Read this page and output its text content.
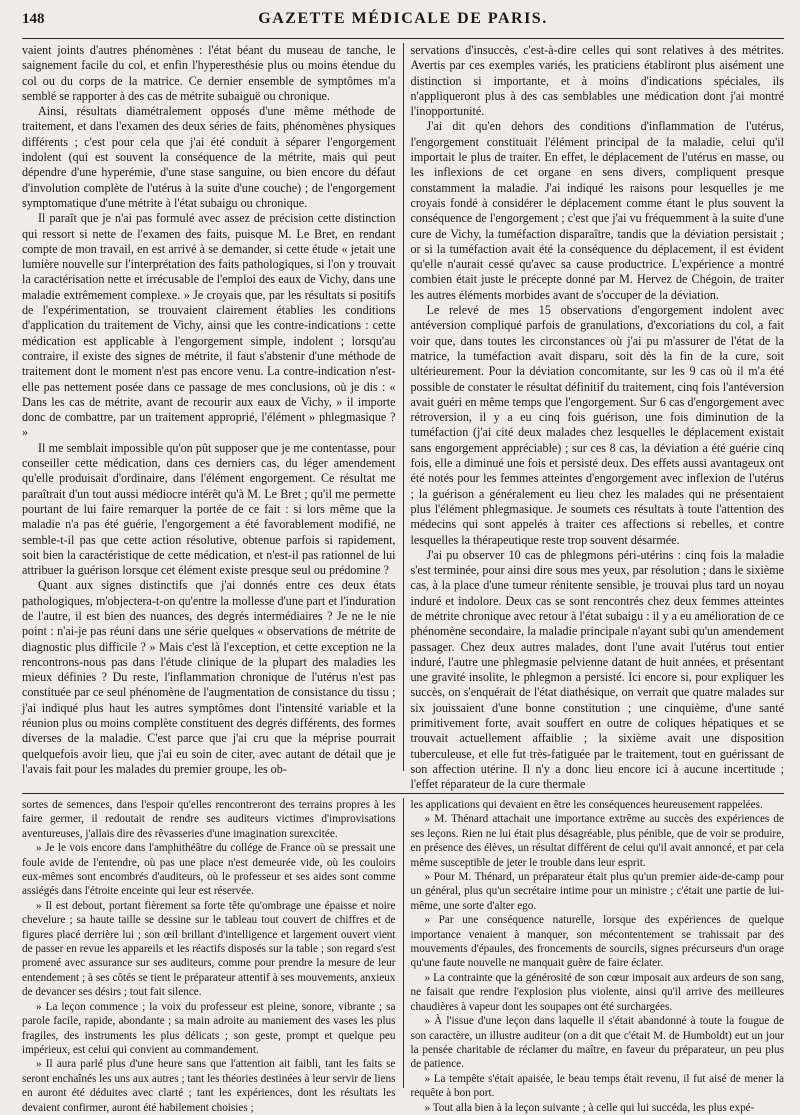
148	GAZETTE MÉDICALE DE PARIS.

vaient joints d'autres phénomènes : l'état béant du museau de tanche, le saignement facile du col, et enfin l'hyperesthésie plus ou moins étendue du col ou du corps de la matrice. Ce dernier ensemble de symptômes m'a semblé se rapporter à des cas de métrite subaiguë ou chronique.

Ainsi, résultats diamétralement opposés d'une même méthode de traitement, et dans l'examen des deux séries de faits, phénomènes physiques différents ; c'est pour cela que j'ai été conduit à séparer l'engorgement indolent (qui est souvent la conséquence de la métrite, mais qui peut dépendre d'une hyperémie, d'une stase sanguine, ou bien encore du défaut d'involution complète de l'utérus à la suite d'une couche) ; de l'engorgement symptomatique d'une métrite à l'état subaigu ou chronique.

Il paraît que je n'ai pas formulé avec assez de précision cette distinction qui ressort si nette de l'examen des faits, puisque M. Le Bret, en rendant compte de mon travail, en est arrivé à se demander, si cette étude « jetait une lumière nouvelle sur l'interprétation des faits pathologiques, si l'on y trouvait la caractérisation nette et irrécusable de l'emploi des eaux de Vichy, dans une maladie extrêmement complexe. » Je croyais que, par les résultats si positifs de l'expérimentation, se trouvaient clairement établies les conditions d'application du traitement de Vichy, ainsi que les contre-indications : cette médication est applicable à l'engorgement simple, indolent ; lorsqu'au contraire, il existe des signes de métrite, il faut s'abstenir d'une méthode de traitement dont le moment n'est pas encore venu. La contre-indication n'est-elle pas nettement posée dans ce passage de mes conclusions, où je dis : « Dans les cas de métrite, avant de recourir aux eaux de Vichy, » il importe donc de combattre, par un traitement approprié, l'élément » phlegmasique ? »

Il me semblait impossible qu'on pût supposer que je me contentasse, pour conseiller cette médication, dans ces derniers cas, du léger amendement qu'elle produisait d'ordinaire, dans l'élément engorgement. Ce résultat me paraîtrait d'un tout aussi médiocre intérêt qu'à M. Le Bret ; qu'il me permette pourtant de lui faire remarquer la portée de ce fait : si lors même que la maladie n'a pas été guérie, l'engorgement a été favorablement modifié, ne semble-t-il pas que cette action résolutive, obtenue parfois si rapidement, soit bien la caractéristique de cette médication, et n'est-il pas rationnel de lui attribuer la guérison lorsque cet élément existe presque seul ou prédomine ?

Quant aux signes distinctifs que j'ai donnés entre ces deux états pathologiques, m'objectera-t-on qu'entre la mollesse d'une part et l'induration de l'autre, il est bien des nuances, des degrés intermédiaires ? Je ne le nie point : n'ai-je pas réuni dans une série quelques « observations de métrite de diagnostic plus difficile ? » Mais c'est là l'exception, et cette exception ne la rencontrons-nous pas dans l'étude clinique de la plupart des maladies les mieux définies ? Du reste, l'inflammation chronique de l'utérus n'est pas constituée par ce seul phénomène de l'augmentation de consistance du tissu ; j'ai indiqué plus haut les autres symptômes dont l'intensité variable et la réunion plus ou moins complète constituent des degrés différents, des formes diverses de la maladie. C'est parce que j'ai cru que la méprise pourrait quelquefois avoir lieu, que j'ai eu soin de citer, avec autant de détail que je l'avais fait pour les malades du premier groupe, les ob-

servations d'insuccès, c'est-à-dire celles qui sont relatives à des métrites. Avertis par ces exemples variés, les praticiens établiront plus aisément une distinction si importante, et à moins d'indications spéciales, ils n'appliqueront plus à des cas semblables une médication dont j'ai montré l'inopportunité.

J'ai dit qu'en dehors des conditions d'inflammation de l'utérus, l'engorgement constituait l'élément principal de la maladie, celui qu'il importait le plus de traiter. En effet, le déplacement de l'utérus en masse, ou les inflexions de cet organe en sens divers, compliquent presque constamment la maladie. J'ai indiqué les raisons pour lesquelles je me croyais fondé à considérer le déplacement comme étant le plus souvent la conséquence de l'engorgement ; c'est que j'ai vu fréquemment à la suite d'une cure de Vichy, la tuméfaction disparaître, tandis que la déviation persistait ; or si la tuméfaction avait été la conséquence du déplacement, il est évident qu'elle n'aurait cessé qu'avec sa cause productrice. L'expérience a montré combien était juste le précepte donné par M. Hervez de Chégoin, de traiter les autres éléments morbides avant de s'occuper de la déviation.

Le relevé de mes 15 observations d'engorgement indolent avec antéversion compliqué parfois de granulations, d'excoriations du col, a fait voir que, dans toutes les circonstances où j'ai pu m'assurer de l'état de la matrice, la tuméfaction avait disparu, soit dès la fin de la cure, soit ultérieurement. Pour la déviation concomitante, sur les 9 cas où il m'a été possible de constater le résultat définitif du traitement, cinq fois l'antéversion avait guéri en même temps que l'engorgement. Sur 6 cas d'engorgement avec rétroversion, il y a eu cinq fois guérison, une fois diminution de la tuméfaction (j'ai cité deux malades chez lesquelles le déplacement existait sans engorgement appréciable) ; sur ces 8 cas, la déviation a été guérie cinq fois, elle a diminué une fois et persisté deux. Des effets aussi avantageux ont été notés pour les femmes atteintes d'engorgement avec inflexion de l'utérus ; la guérison a généralement eu lieu chez les malades qui ne présentaient plus l'élément phlegmasique. Je soumets ces résultats à toute l'attention des médecins qui sont appelés à traiter ces affections si rebelles, et contre lesquelles la thérapeutique reste trop souvent désarmée.

J'ai pu observer 10 cas de phlegmons péri-utérins : cinq fois la maladie s'est terminée, pour ainsi dire sous mes yeux, par résolution ; dans le sixième cas, à la place d'une tumeur rénitente sensible, je trouvai plus tard un noyau induré et indolore. Deux cas se sont rencontrés chez deux femmes atteintes de métrite chronique avec retour à l'état subaigu : il y a eu amélioration de ce phénomène secondaire, la maladie principale n'ayant subi qu'un amendement passager. Chez deux autres malades, dont l'une avait l'utérus tout entier induré, l'autre une phlegmasie pelvienne datant de huit années, et présentant une gravité insolite, le phlegmon a persisté. Ici encore si, pour expliquer les succès, on s'enquérait de l'état diathésique, on verrait que quatre malades sur six jouissaient d'une bonne constitution ; une cinquième, d'une santé primitivement forte, avait souffert en outre de coliques hépatiques et se trouvait actuellement affaiblie ; la sixième avait une disposition tuberculeuse, et elle fut très-fatiguée par le traitement, tout en guérissant de son affection utérine. Il n'y a donc lieu encore ici à aucune incertitude ; l'effet réparateur de la cure thermale

sortes de semences, dans l'espoir qu'elles rencontreront des terrains propres à les faire germer, il redoutait de rendre ses auditeurs victimes d'improvisations aventureuses, j'allais dire des rêvasseries d'une imagination surexcitée.

» Je le vois encore dans l'amphithéâtre du collége de France où se pressait une foule avide de l'entendre, où pas une place n'est demeurée vide, où les couloirs eux-mêmes sont encombrés d'auditeurs, où le professeur et ses aides sont comme assiégés dans l'étroite enceinte qui leur est réservée.

» Il est debout, portant fièrement sa forte tête qu'ombrage une épaisse et noire chevelure ; sa haute taille se dessine sur le tableau tout couvert de chiffres et de figures placé derrière lui ; son œil brillant d'intelligence et largement ouvert vient de passer en revue les appareils et les réactifs disposés sur la table ; son regard s'est promené avec assurance sur ses auditeurs, comme pour prendre la mesure de leur entendement ; à ses côtés se tient le préparateur attentif à ses mouvements, anxieux de devancer ses désirs ; tout fait silence.

» La leçon commence ; la voix du professeur est pleine, sonore, vibrante ; sa parole facile, rapide, abondante ; sa main adroite au maniement des vases les plus fragiles, des instruments les plus délicats ; son geste, prompt et quelque peu impérieux, est celui qui convient au commandement.

» Il aura parlé plus d'une heure sans que l'attention ait faibli, tant les faits se seront enchaînés les uns aux autres ; tant les théories destinées à leur servir de liens en auront été déduites avec clarté ; tant les expériences, dont les résultats les devaient confirmer, auront été habilement choisies ;

les applications qui devaient en être les conséquences heureusement rappelées.

» M. Thénard attachait une importance extrême au succès des expériences de ses leçons. Rien ne lui était plus désagréable, plus pénible, que de voir se produire, en présence des élèves, un résultat différent de celui qu'il avait annoncé, et par cela même susceptible de jeter le trouble dans leur esprit.

» Pour M. Thénard, un préparateur était plus qu'un premier aide-de-camp pour un général, plus qu'un secrétaire intime pour un ministre ; c'était une partie de lui-même, une sorte d'alter ego.

» Par une conséquence naturelle, lorsque des expériences de quelque importance venaient à manquer, son mécontentement se trahissait par des mouvements d'épaules, des froncements de sourcils, signes précurseurs d'un orage qu'une faute nouvelle ne manquait guère de faire éclater.

» La contrainte que la générosité de son cœur imposait aux ardeurs de son sang, ne faisait que rendre l'explosion plus violente, ainsi qu'il arrive des meilleures chaudières à vapeur dont les soupapes ont été surchargées.

» À l'issue d'une leçon dans laquelle il s'était abandonné à toute la fougue de son caractère, un illustre auditeur (on a dit que c'était M. de Humboldt) eut un jour la pensée charitable de réclamer du maître, en faveur du préparateur, un peu plus de patience.

» La tempête s'était apaisée, le beau temps était revenu, il fut aisé de mener la requête à bon port.

» Tout alla bien à la leçon suivante ; à celle qui lui succéda, les plus expé-
